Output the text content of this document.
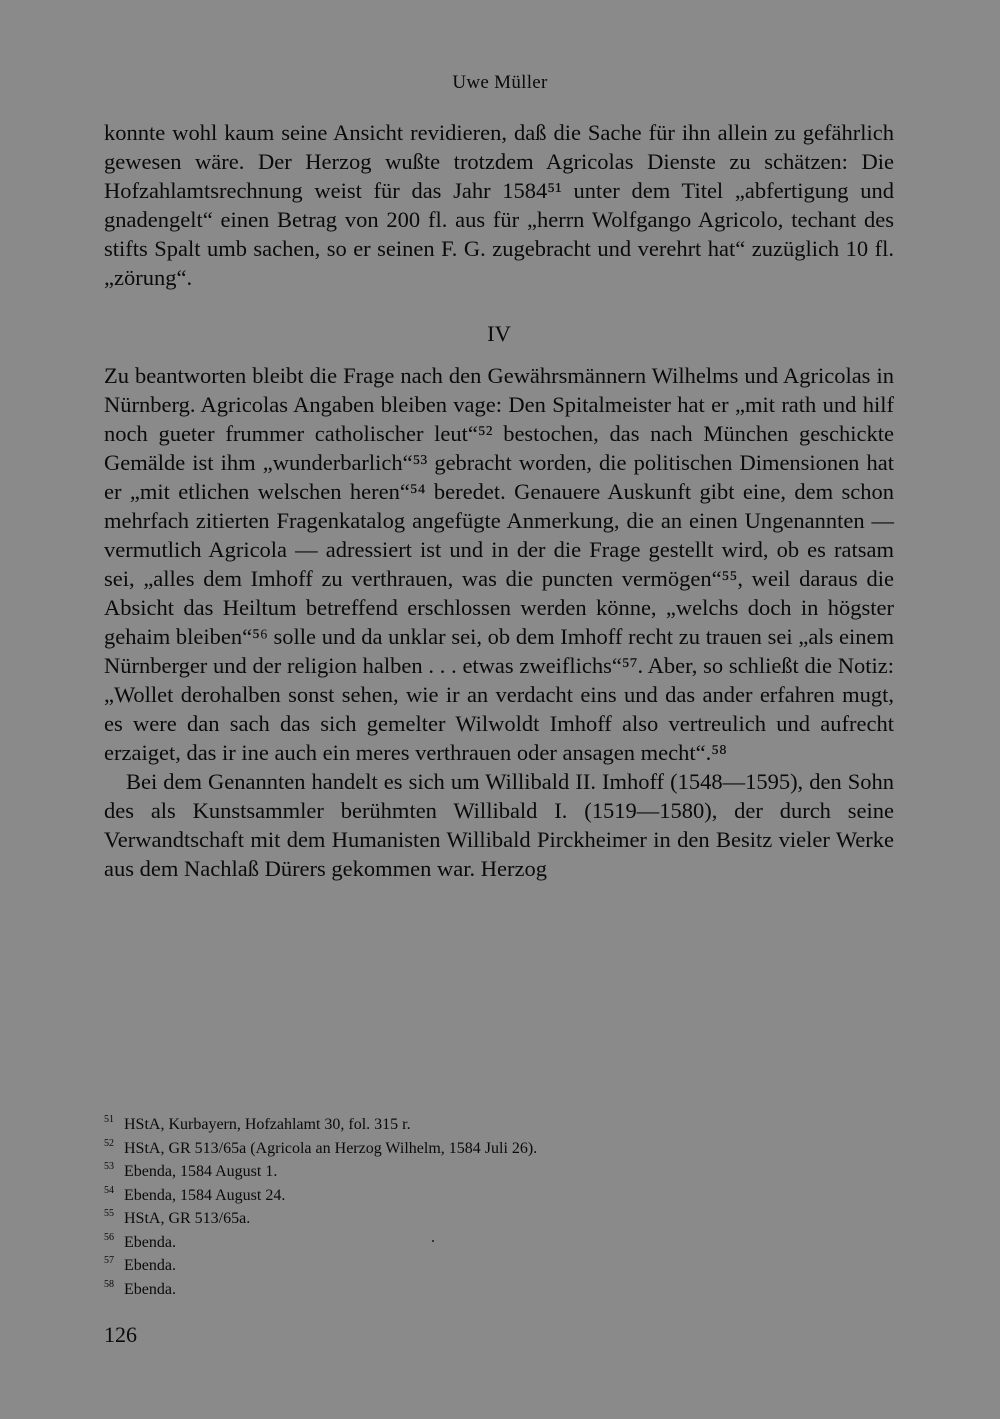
Uwe Müller

konnte wohl kaum seine Ansicht revidieren, daß die Sache für ihn allein zu gefährlich gewesen wäre. Der Herzog wußte trotzdem Agricolas Dienste zu schätzen: Die Hofzahlamtsrechnung weist für das Jahr 1584⁵¹ unter dem Titel „abfertigung und gnadengelt“ einen Betrag von 200 fl. aus für „herrn Wolfgango Agricolo, techant des stifts Spalt umb sachen, so er seinen F. G. zugebracht und verehrt hat“ zuzüglich 10 fl. „zörung“.

IV

Zu beantworten bleibt die Frage nach den Gewährsmännern Wilhelms und Agricolas in Nürnberg. Agricolas Angaben bleiben vage: Den Spitalmeister hat er „mit rath und hilf noch gueter frummer catholischer leut“⁵² bestochen, das nach München geschickte Gemälde ist ihm „wunderbarlich“⁵³ gebracht worden, die politischen Dimensionen hat er „mit etlichen welschen heren“⁵⁴ beredet. Genauere Auskunft gibt eine, dem schon mehrfach zitierten Fragenkatalog angefügte Anmerkung, die an einen Ungenannten — vermutlich Agricola — adressiert ist und in der die Frage gestellt wird, ob es ratsam sei, „alles dem Imhoff zu verthrauen, was die puncten vermögen“⁵⁵, weil daraus die Absicht das Heiltum betreffend erschlossen werden könne, „welchs doch in högster gehaim bleiben“⁵⁶ solle und da unklar sei, ob dem Imhoff recht zu trauen sei „als einem Nürnberger und der religion halben . . . etwas zweiflichs“⁵⁷. Aber, so schließt die Notiz: „Wollet derohalben sonst sehen, wie ir an verdacht eins und das ander erfahren mugt, es were dan sach das sich gemelter Wilwoldt Imhoff also vertreulich und aufrecht erzaiget, das ir ine auch ein meres verthrauen oder ansagen mecht“.⁵⁸

Bei dem Genannten handelt es sich um Willibald II. Imhoff (1548—1595), den Sohn des als Kunstsammler berühmten Willibald I. (1519—1580), der durch seine Verwandtschaft mit dem Humanisten Willibald Pirckheimer in den Besitz vieler Werke aus dem Nachlaß Dürers gekommen war. Herzog

51 HStA, Kurbayern, Hofzahlamt 30, fol. 315 r.
52 HStA, GR 513/65a (Agricola an Herzog Wilhelm, 1584 Juli 26).
53 Ebenda, 1584 August 1.
54 Ebenda, 1584 August 24.
55 HStA, GR 513/65a.
56 Ebenda.
57 Ebenda.
58 Ebenda.
126
